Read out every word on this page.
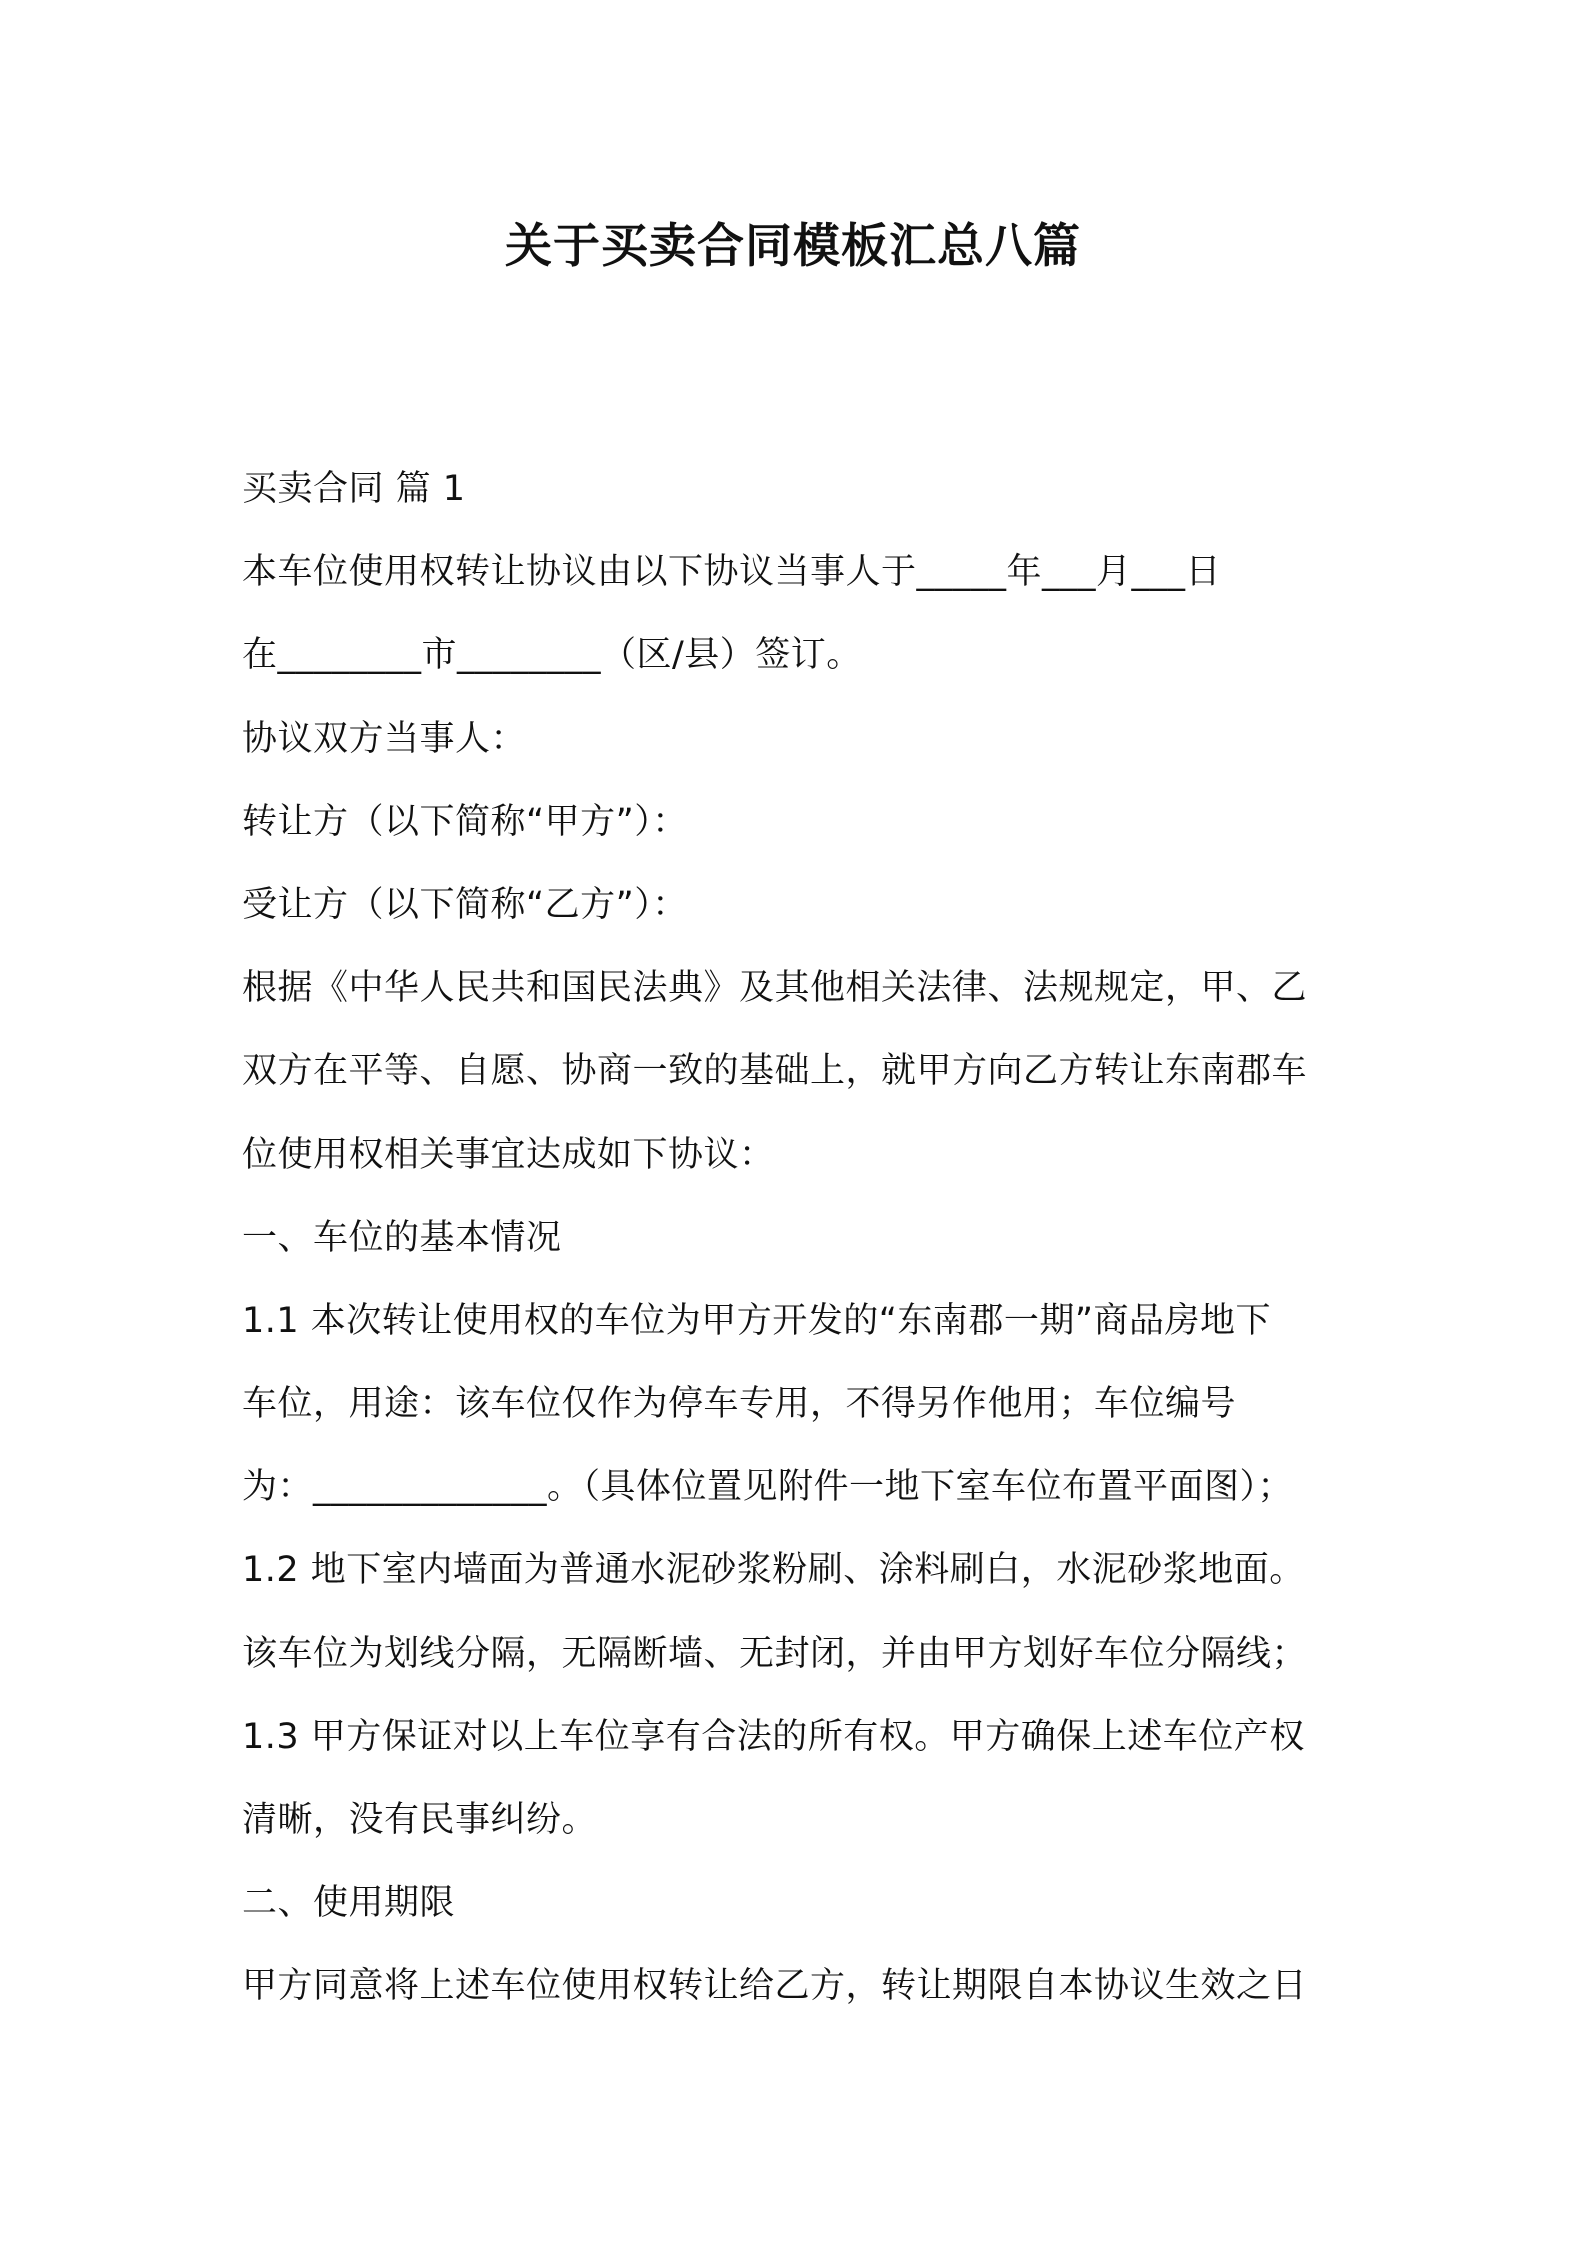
关于买卖合同模板汇总八篇
买卖合同 篇 1
本车位使用权转让协议由以下协议当事人于_____年___月___日
在________市________（区/县）签订。
协议双方当事人：
转让方（以下简称“甲方”）：
受让方（以下简称“乙方”）：
根据《中华人民共和国民法典》及其他相关法律、法规规定，甲、乙
双方在平等、自愿、协商一致的基础上，就甲方向乙方转让东南郡车
位使用权相关事宜达成如下协议：
一、车位的基本情况
1.1 本次转让使用权的车位为甲方开发的“东南郡一期”商品房地下
车位，用途：该车位仅作为停车专用，不得另作他用；车位编号
为：_____________。（具体位置见附件一地下室车位布置平面图）；
1.2 地下室内墙面为普通水泥砂浆粉刷、涂料刷白，水泥砂浆地面。
该车位为划线分隔，无隔断墙、无封闭，并由甲方划好车位分隔线；
1.3 甲方保证对以上车位享有合法的所有权。甲方确保上述车位产权
清晰，没有民事纠纷。
二、使用期限
甲方同意将上述车位使用权转让给乙方，转让期限自本协议生效之日
